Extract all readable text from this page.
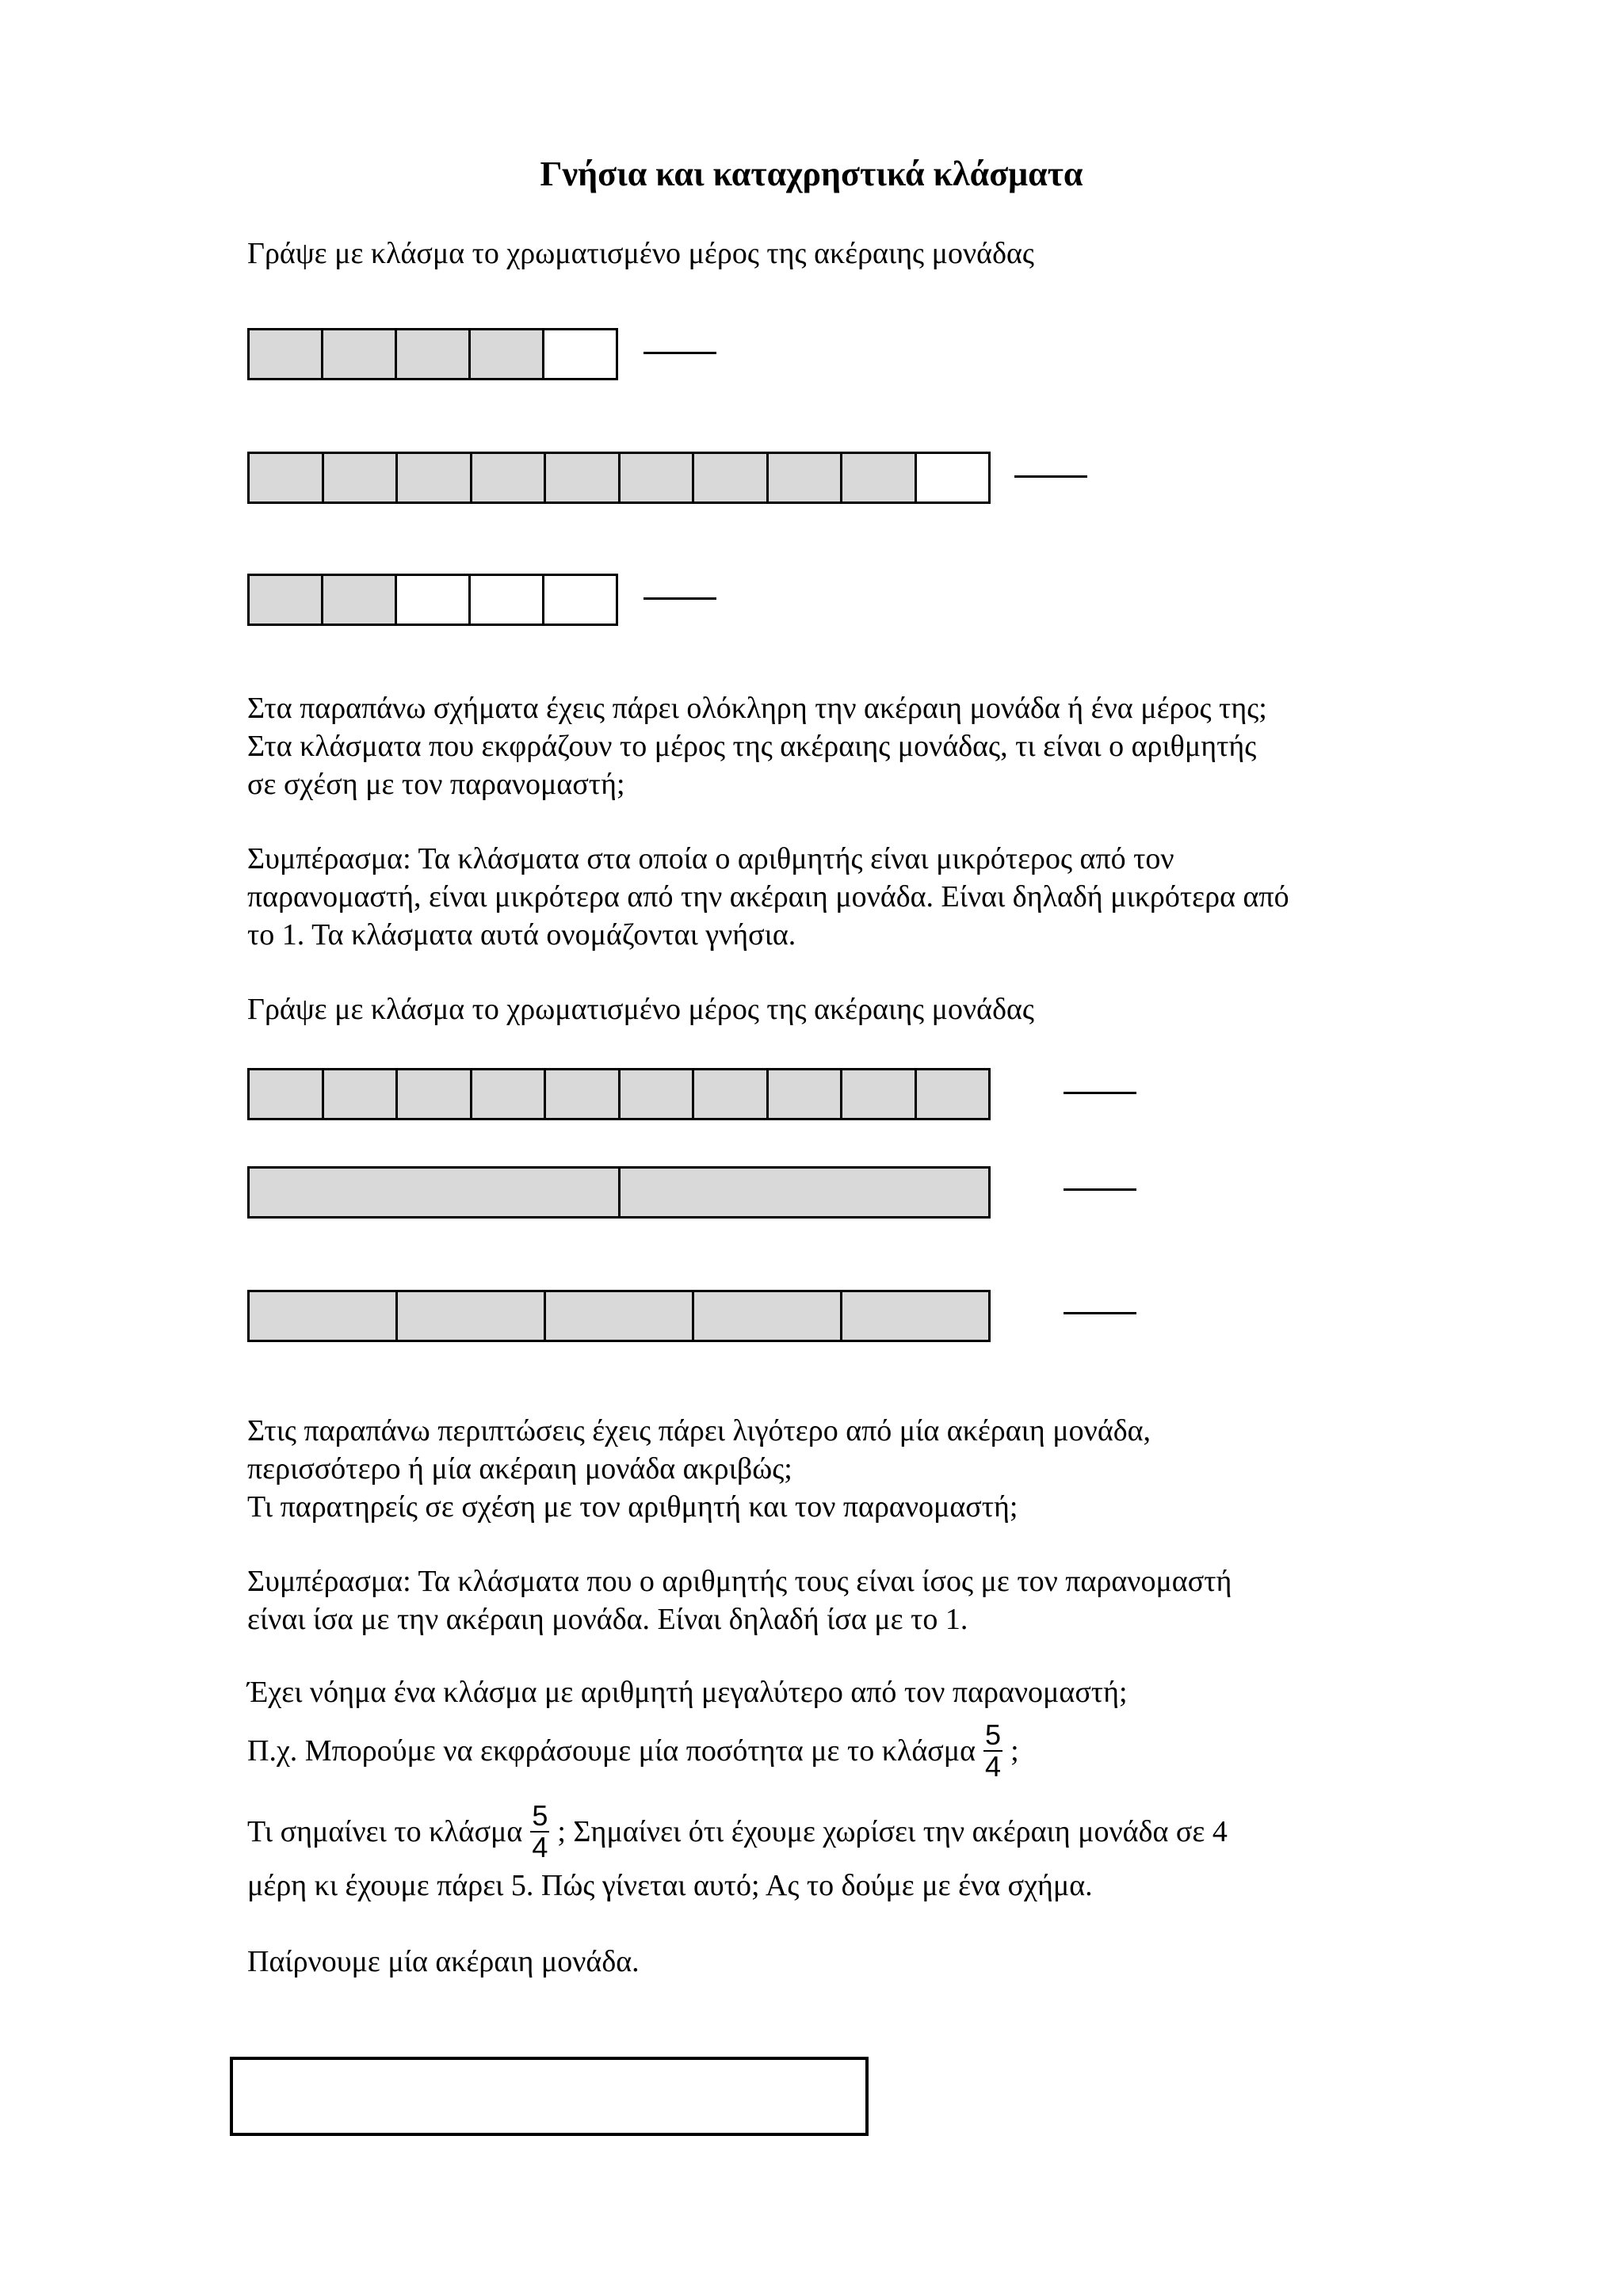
Γνήσια και καταχρηστικά κλάσματα
Γράψε με κλάσμα το χρωματισμένο μέρος της ακέραιης μονάδας
Στα παραπάνω σχήματα έχεις πάρει ολόκληρη την ακέραιη μονάδα ή ένα μέρος της;
Στα κλάσματα που εκφράζουν το μέρος της ακέραιης μονάδας, τι είναι ο αριθμητής
σε σχέση με τον παρανομαστή;
Συμπέρασμα: Τα κλάσματα στα οποία ο αριθμητής είναι μικρότερος από τον
παρανομαστή, είναι μικρότερα από την ακέραιη μονάδα. Είναι δηλαδή μικρότερα από
το 1. Τα κλάσματα αυτά ονομάζονται γνήσια.
Γράψε με κλάσμα το χρωματισμένο μέρος της ακέραιης μονάδας
Στις παραπάνω περιπτώσεις έχεις πάρει λιγότερο από μία ακέραιη μονάδα,
περισσότερο ή μία ακέραιη μονάδα ακριβώς;
Τι παρατηρείς σε σχέση με τον αριθμητή και τον παρανομαστή;
Συμπέρασμα: Τα κλάσματα που ο αριθμητής τους είναι ίσος με τον παρανομαστή
είναι ίσα με την ακέραιη μονάδα. Είναι δηλαδή ίσα με το 1.
Έχει νόημα ένα κλάσμα με αριθμητή μεγαλύτερο από τον παρανομαστή;
Π.χ. Μπορούμε να εκφράσουμε μία ποσότητα με το κλάσμα $\frac{5}{4}$ ;
Τι σημαίνει το κλάσμα $\frac{5}{4}$ ; Σημαίνει ότι έχουμε χωρίσει την ακέραιη μονάδα σε 4
μέρη κι έχουμε πάρει 5. Πώς γίνεται αυτό; Ας το δούμε με ένα σχήμα.
Παίρνουμε μία ακέραιη μονάδα.
